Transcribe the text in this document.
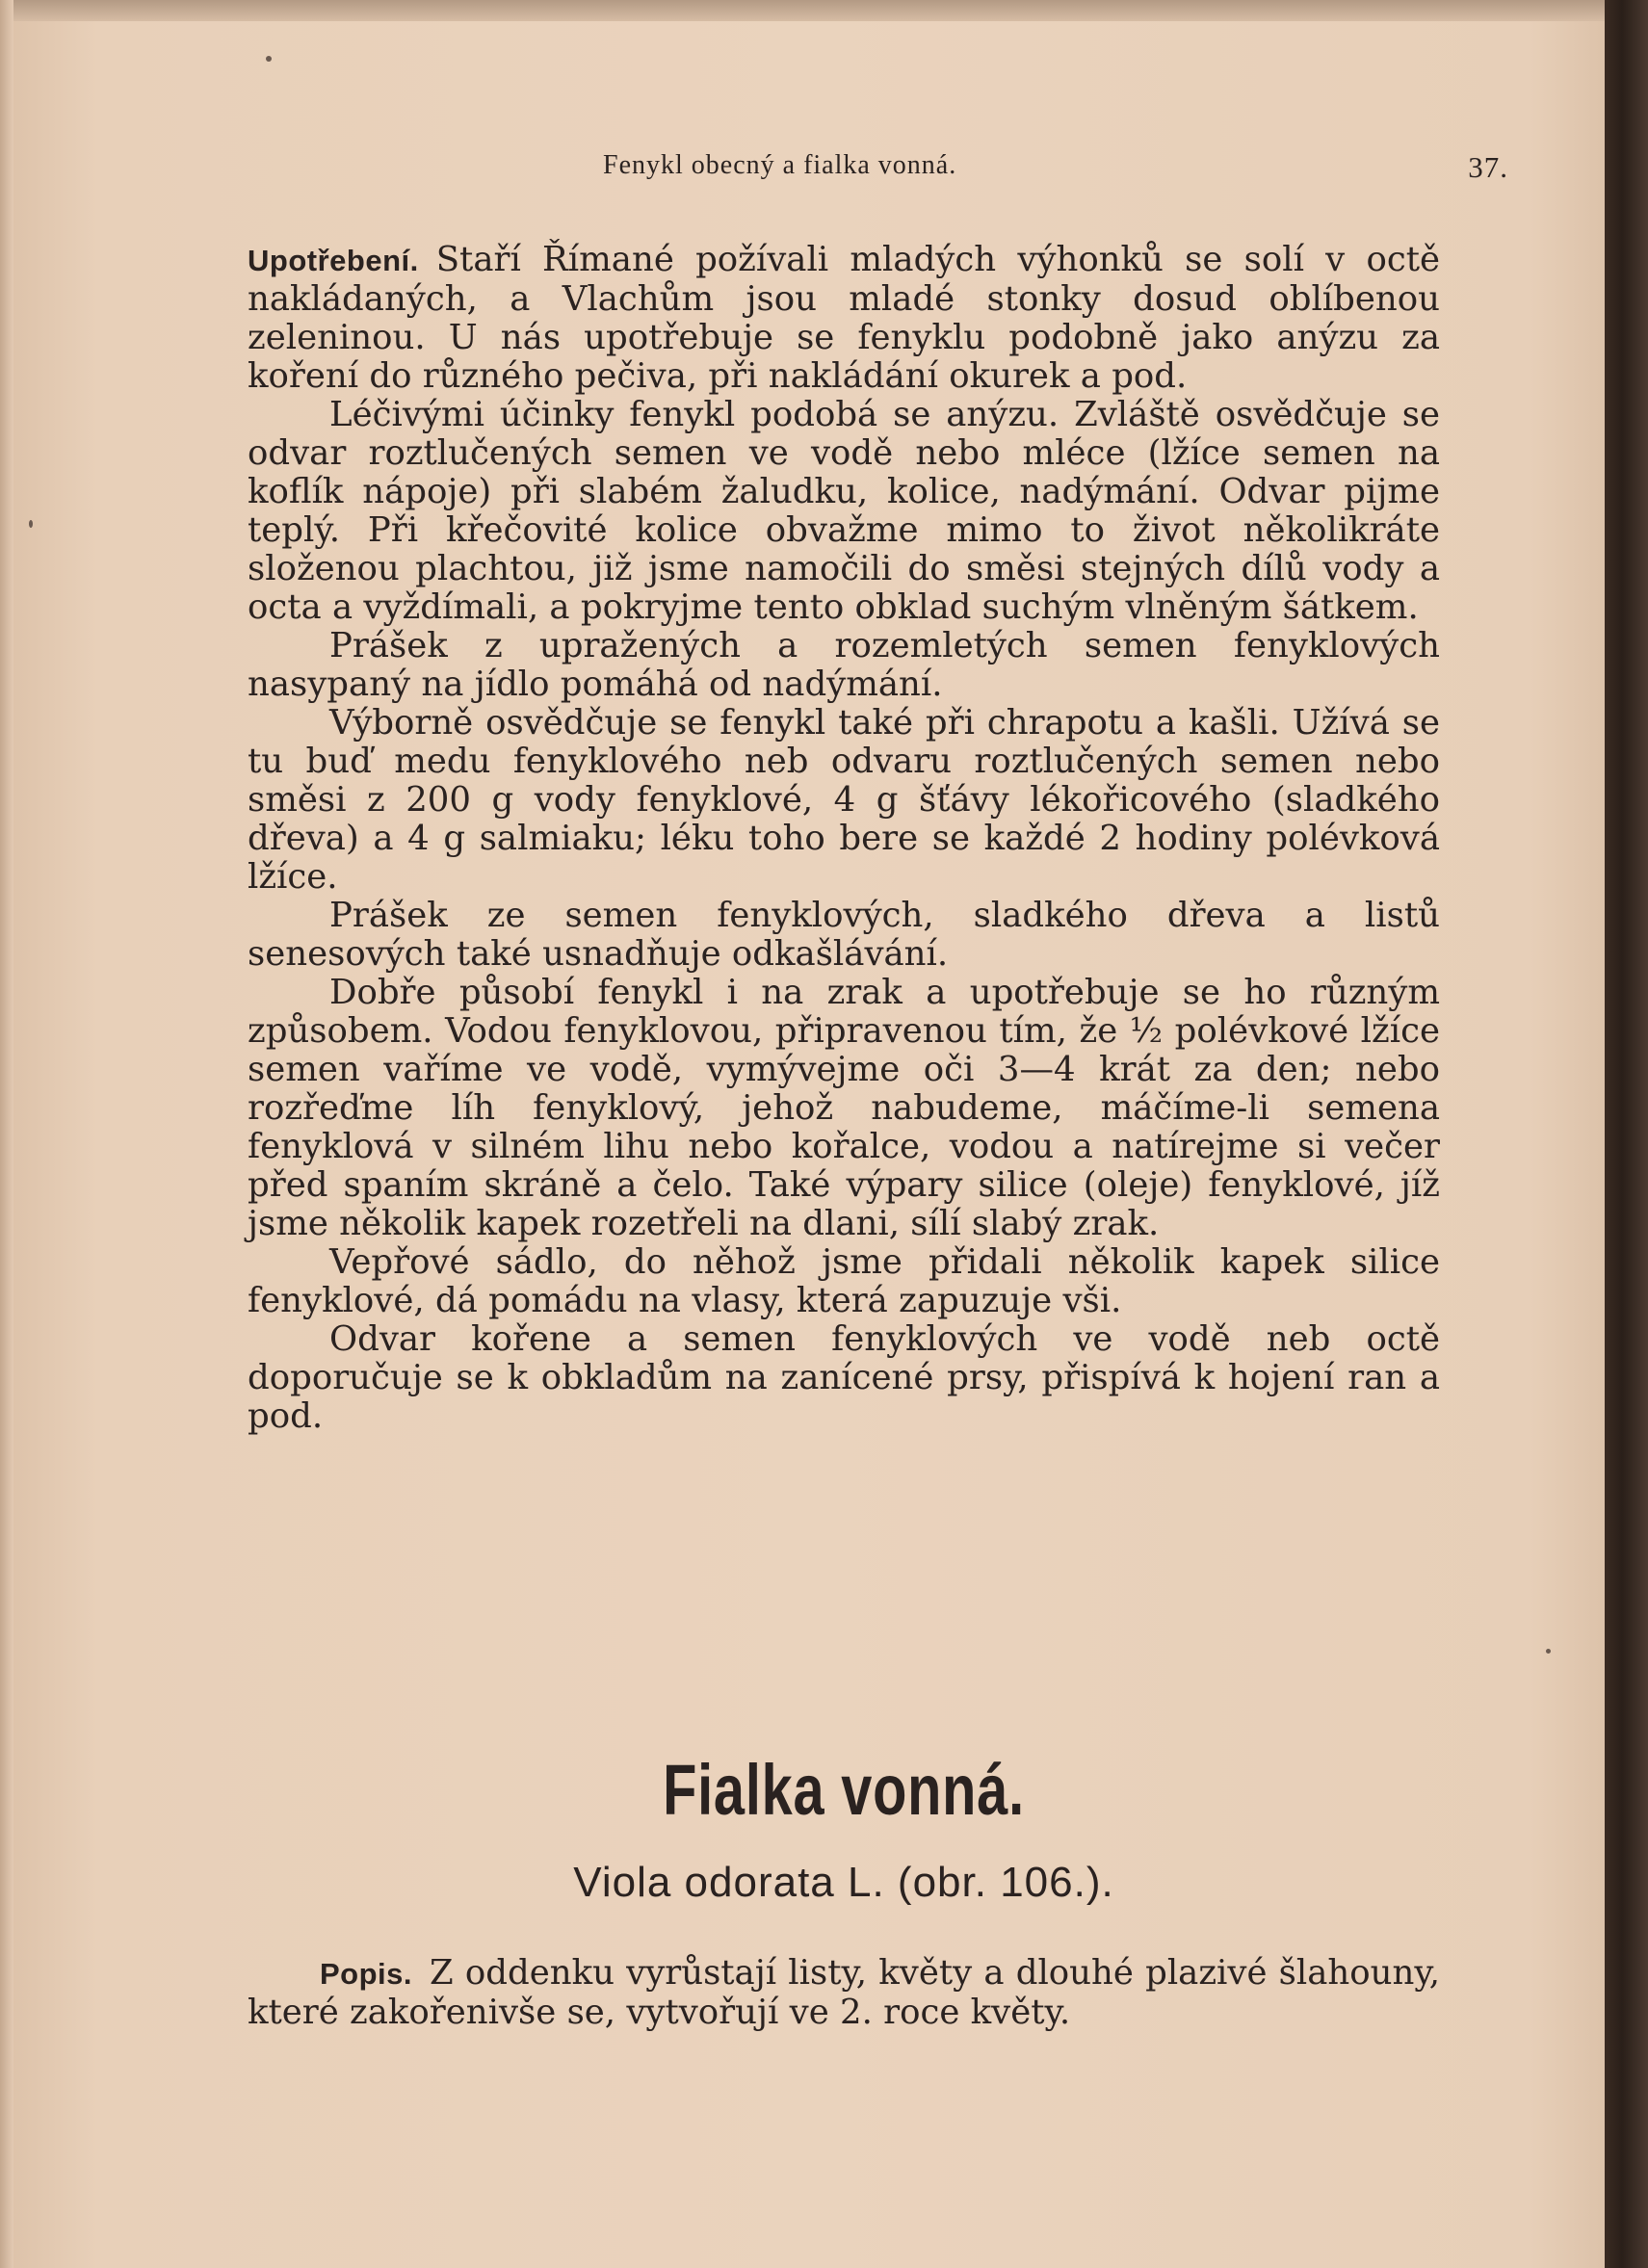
Fenykl obecný a fialka vonná.	37.

Upotřebení. Staří Římané požívali mladých výhonků se solí v octě nakládaných, a Vlachům jsou mladé stonky dosud oblíbenou zeleninou. U nás upotřebuje se fenyklu podobně jako anýzu za koření do různého pečiva, při nakládání okurek a pod.

Léčivými účinky fenykl podobá se anýzu. Zvláště osvědčuje se odvar roztlučených semen ve vodě nebo mléce (lžíce semen na koflík nápoje) při slabém žaludku, kolice, nadýmání. Odvar pijme teplý. Při křečovité kolice obvažme mimo to život několikráte složenou plachtou, již jsme namočili do směsi stejných dílů vody a octa a vyždímali, a pokryjme tento obklad suchým vlněným šátkem.

Prášek z upražených a rozemletých semen fenyklových nasypaný na jídlo pomáhá od nadýmání.

Výborně osvědčuje se fenykl také při chrapotu a kašli. Užívá se tu buď medu fenyklového neb odvaru roztlučených semen nebo směsi z 200 g vody fenyklové, 4 g šťávy lékořicového (sladkého dřeva) a 4 g salmiaku; léku toho bere se každé 2 hodiny polévková lžíce.

Prášek ze semen fenyklových, sladkého dřeva a listů senesových také usnadňuje odkašlávání.

Dobře působí fenykl i na zrak a upotřebuje se ho různým způsobem. Vodou fenyklovou, připravenou tím, že ½ polévkové lžíce semen vaříme ve vodě, vymývejme oči 3—4 krát za den; nebo rozřeďme líh fenyklový, jehož nabudeme, máčíme-li semena fenyklová v silném lihu nebo kořalce, vodou a natírejme si večer před spaním skráně a čelo. Také výpary silice (oleje) fenyklové, jíž jsme několik kapek rozetřeli na dlani, sílí slabý zrak.

Vepřové sádlo, do něhož jsme přidali několik kapek silice fenyklové, dá pomádu na vlasy, která zapuzuje vši.

Odvar kořene a semen fenyklových ve vodě neb octě doporučuje se k obkladům na zanícené prsy, přispívá k hojení ran a pod.

Fialka vonná.
Viola odorata L. (obr. 106.).

Popis. Z oddenku vyrůstají listy, květy a dlouhé plazivé šlahouny, které zakořenivše se, vytvořují ve 2. roce květy.
